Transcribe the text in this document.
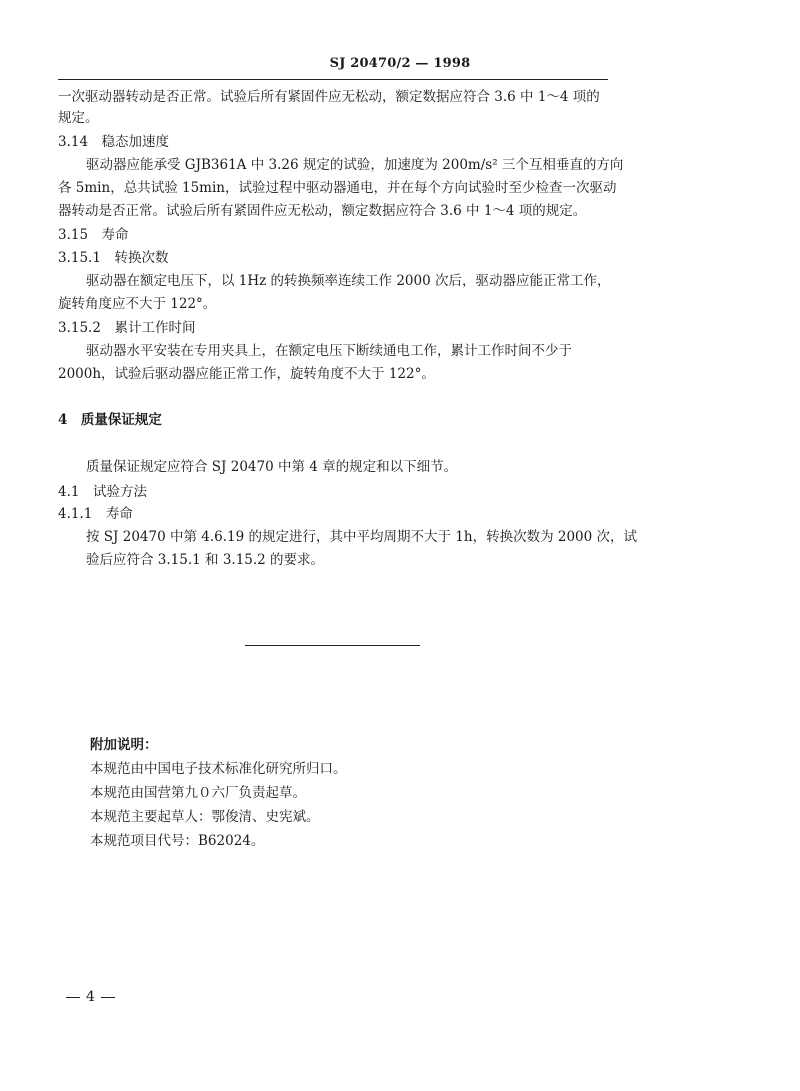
SJ 20470/2 — 1998
一次驱动器转动是否正常。试验后所有紧固件应无松动，额定数据应符合 3.6 中 1～4 项的
规定。
3.14　稳态加速度
驱动器应能承受 GJB361A 中 3.26 规定的试验，加速度为 200m/s² 三个互相垂直的方向
各 5min，总共试验 15min，试验过程中驱动器通电，并在每个方向试验时至少检查一次驱动
器转动是否正常。试验后所有紧固件应无松动，额定数据应符合 3.6 中 1～4 项的规定。
3.15　寿命
3.15.1　转换次数
驱动器在额定电压下，以 1Hz 的转换频率连续工作 2000 次后，驱动器应能正常工作，
旋转角度应不大于 122°。
3.15.2　累计工作时间
驱动器水平安装在专用夹具上，在额定电压下断续通电工作，累计工作时间不少于
2000h，试验后驱动器应能正常工作，旋转角度不大于 122°。
4　质量保证规定
质量保证规定应符合 SJ 20470 中第 4 章的规定和以下细节。
4.1　试验方法
4.1.1　寿命
按 SJ 20470 中第 4.6.19 的规定进行，其中平均周期不大于 1h，转换次数为 2000 次，试
验后应符合 3.15.1 和 3.15.2 的要求。
附加说明：
本规范由中国电子技术标准化研究所归口。
本规范由国营第九０六厂负责起草。
本规范主要起草人：鄂俊清、史宪斌。
本规范项目代号：B62024。
4
